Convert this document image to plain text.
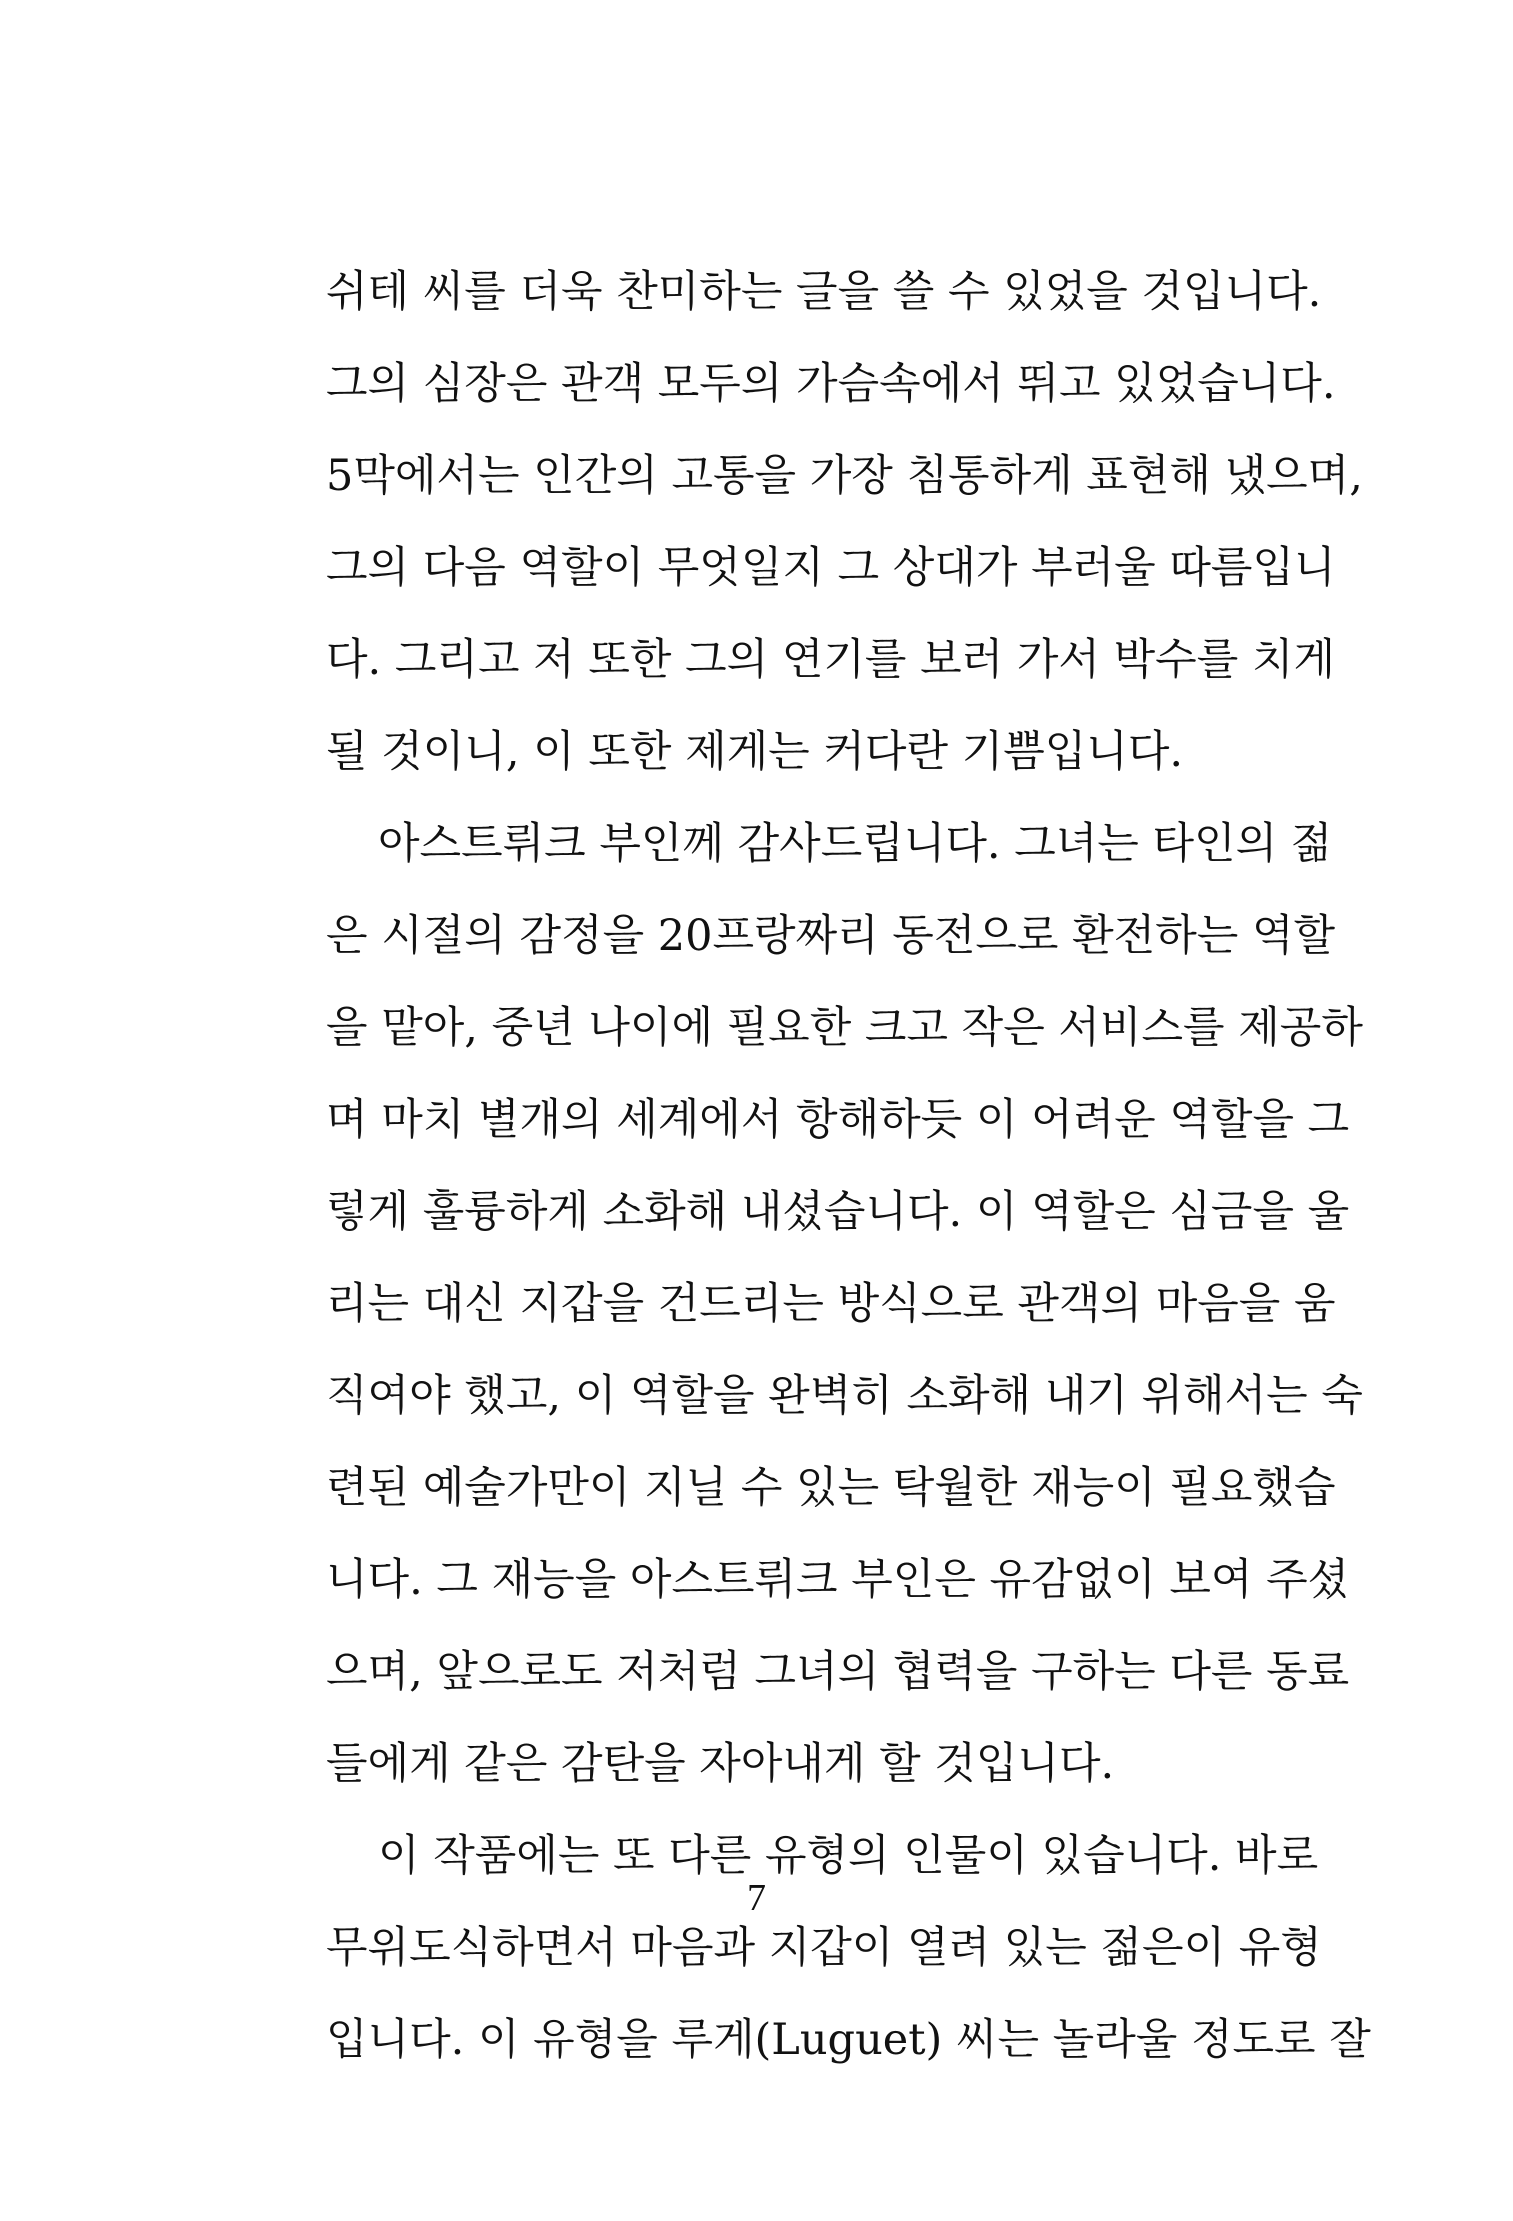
쉬테 씨를 더욱 찬미하는 글을 쓸 수 있었을 것입니다.
그의 심장은 관객 모두의 가슴속에서 뛰고 있었습니다.
5막에서는 인간의 고통을 가장 침통하게 표현해 냈으며,
그의 다음 역할이 무엇일지 그 상대가 부러울 따름입니
다. 그리고 저 또한 그의 연기를 보러 가서 박수를 치게
될 것이니, 이 또한 제게는 커다란 기쁨입니다.
아스트뤼크 부인께 감사드립니다. 그녀는 타인의 젊
은 시절의 감정을 20프랑짜리 동전으로 환전하는 역할
을 맡아, 중년 나이에 필요한 크고 작은 서비스를 제공하
며 마치 별개의 세계에서 항해하듯 이 어려운 역할을 그
렇게 훌륭하게 소화해 내셨습니다. 이 역할은 심금을 울
리는 대신 지갑을 건드리는 방식으로 관객의 마음을 움
직여야 했고, 이 역할을 완벽히 소화해 내기 위해서는 숙
련된 예술가만이 지닐 수 있는 탁월한 재능이 필요했습
니다. 그 재능을 아스트뤼크 부인은 유감없이 보여 주셨
으며, 앞으로도 저처럼 그녀의 협력을 구하는 다른 동료
들에게 같은 감탄을 자아내게 할 것입니다.
이 작품에는 또 다른 유형의 인물이 있습니다. 바로
무위도식하면서 마음과 지갑이 열려 있는 젊은이 유형
입니다. 이 유형을 루게(Luguet) 씨는 놀라울 정도로 잘
7
